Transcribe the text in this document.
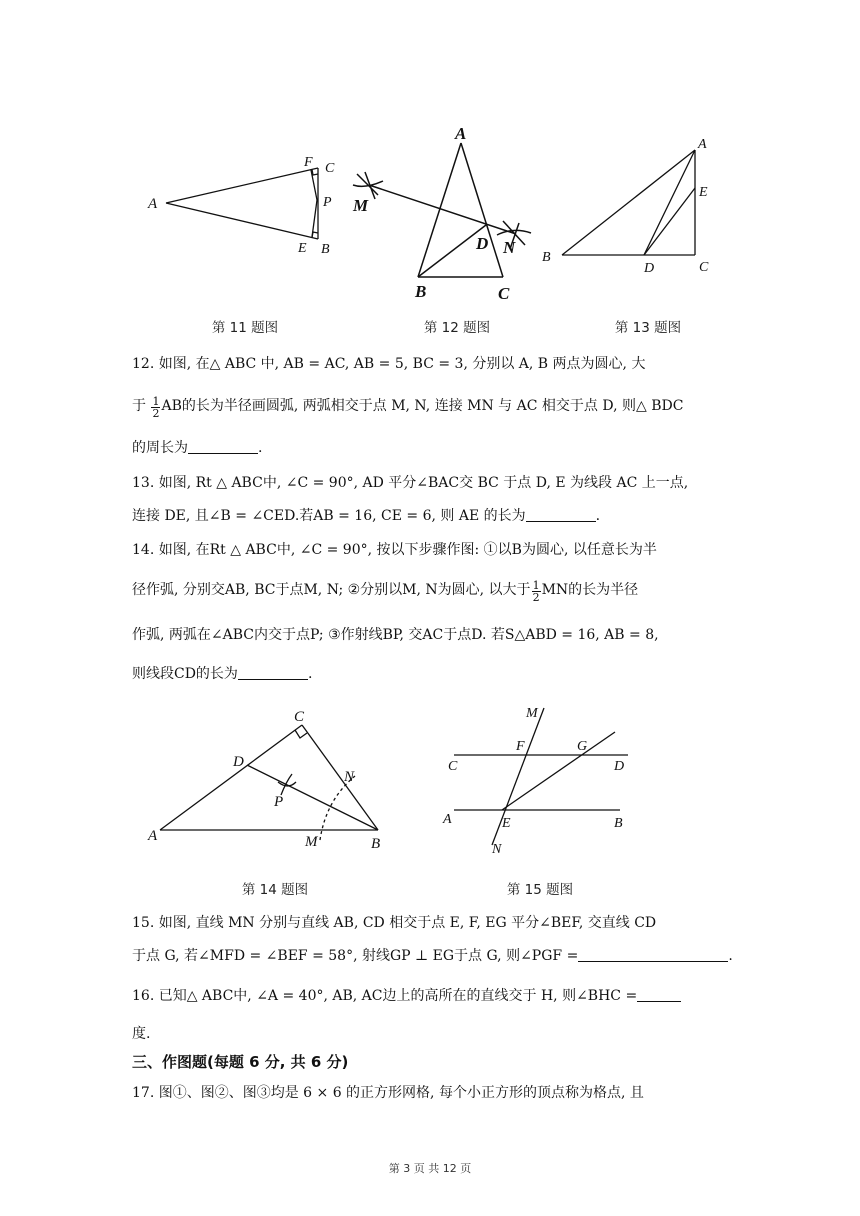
A
F C
P
E B
第 11 题图
A
M
D N
B	C
第 12 题图
A
E
B
D	C
第 13 题图
12. 如图, 在△ ABC 中, AB = AC, AB = 5, BC = 3, 分别以 A, B 两点为圆心, 大
于 $\frac{1}{2}$ AB的长为半径画圆弧, 两弧相交于点 M, N, 连接 MN 与 AC 相交于点 D, 则△ BDC
的周长为	.
13. 如图, Rt △ ABC中, ∠C = 90°, AD 平分∠BAC交 BC 于点 D, E 为线段 AC 上一点,
连接 DE, 且∠B = ∠CED.若AB = 16, CE = 6, 则 AE 的长为	.
14. 如图, 在Rt △ ABC中, ∠C = 90°, 按以下步骤作图: ①以B为圆心, 以任意长为半
径作弧, 分别交AB, BC于点M, N; ②分别以M, N为圆心, 以大于 $\frac{1}{2}$ MN的长为半径
作弧, 两弧在∠ABC内交于点P; ③作射线BP, 交AC于点D. 若S△ABD = 16, AB = 8,
则线段CD的长为	.
C
D
N
P
A	M	B
第 14 题图
M
F	G
C	D
A	E	B
N
第 15 题图
15. 如图, 直线 MN 分别与直线 AB, CD 相交于点 E, F, EG 平分∠BEF, 交直线 CD
于点 G, 若∠MFD = ∠BEF = 58°, 射线GP ⊥ EG于点 G, 则∠PGF =	.
16. 已知△ ABC中, ∠A = 40°, AB, AC边上的高所在的直线交于 H, 则∠BHC =
度.
三、作图题(每题 6 分, 共 6 分)
17. 图①、图②、图③均是 6 × 6 的正方形网格, 每个小正方形的顶点称为格点, 且
第 3 页 共 12 页
